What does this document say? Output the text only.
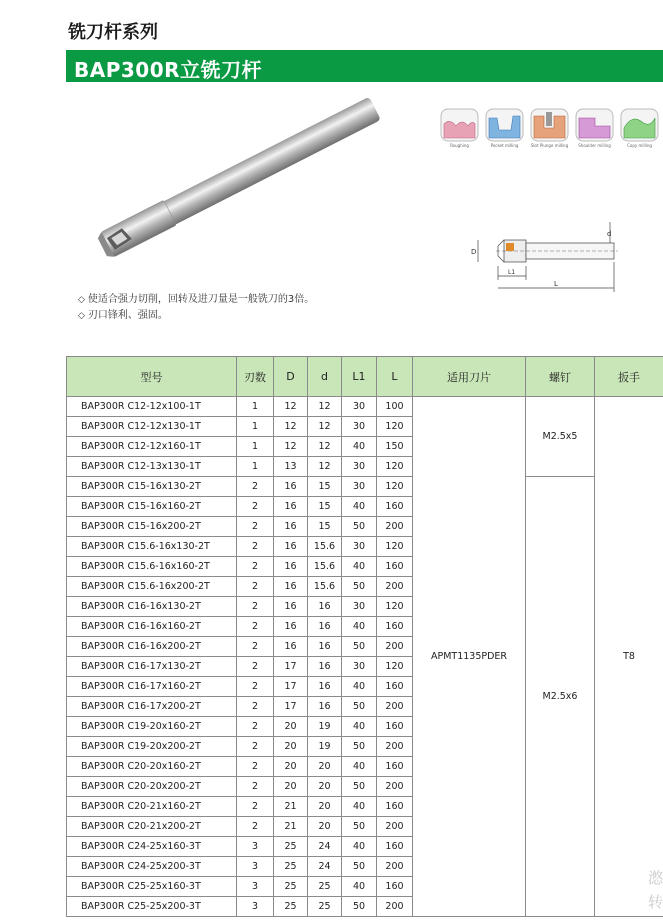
铣刀杆系列
BAP300R立铣刀杆
Roughing	Pocket milling	Slot Plunge milling	Shoulder milling	Copy milling
D
d
L1
L
◇ 使适合强力切削，回转及进刀量是一般铣刀的3倍。
◇ 刃口锋利、强固。
型号	刃数	D	d	L1	L	适用刀片	螺钉	扳手
BAP300R C12-12x100-1T	1	12	12	30	100	APMT1135PDER	M2.5x5	T8
BAP300R C12-12x130-1T	1	12	12	30	120			
BAP300R C12-12x160-1T	1	12	12	40	150			
BAP300R C12-13x130-1T	1	13	12	30	120			
BAP300R C15-16x130-2T	2	16	15	30	120		M2.5x6	
BAP300R C15-16x160-2T	2	16	15	40	160			
BAP300R C15-16x200-2T	2	16	15	50	200			
BAP300R C15.6-16x130-2T	2	16	15.6	30	120			
BAP300R C15.6-16x160-2T	2	16	15.6	40	160			
BAP300R C15.6-16x200-2T	2	16	15.6	50	200			
BAP300R C16-16x130-2T	2	16	16	30	120			
BAP300R C16-16x160-2T	2	16	16	40	160			
BAP300R C16-16x200-2T	2	16	16	50	200			
BAP300R C16-17x130-2T	2	17	16	30	120			
BAP300R C16-17x160-2T	2	17	16	40	160			
BAP300R C16-17x200-2T	2	17	16	50	200			
BAP300R C19-20x160-2T	2	20	19	40	160			
BAP300R C19-20x200-2T	2	20	19	50	200			
BAP300R C20-20x160-2T	2	20	20	40	160			
BAP300R C20-20x200-2T	2	20	20	50	200			
BAP300R C20-21x160-2T	2	21	20	40	160			
BAP300R C20-21x200-2T	2	21	20	50	200			
BAP300R C24-25x160-3T	3	25	24	40	160			
BAP300R C24-25x200-3T	3	25	24	50	200			
BAP300R C25-25x160-3T	3	25	25	40	160			
BAP300R C25-25x200-3T	3	25	25	50	200			
滺
转
